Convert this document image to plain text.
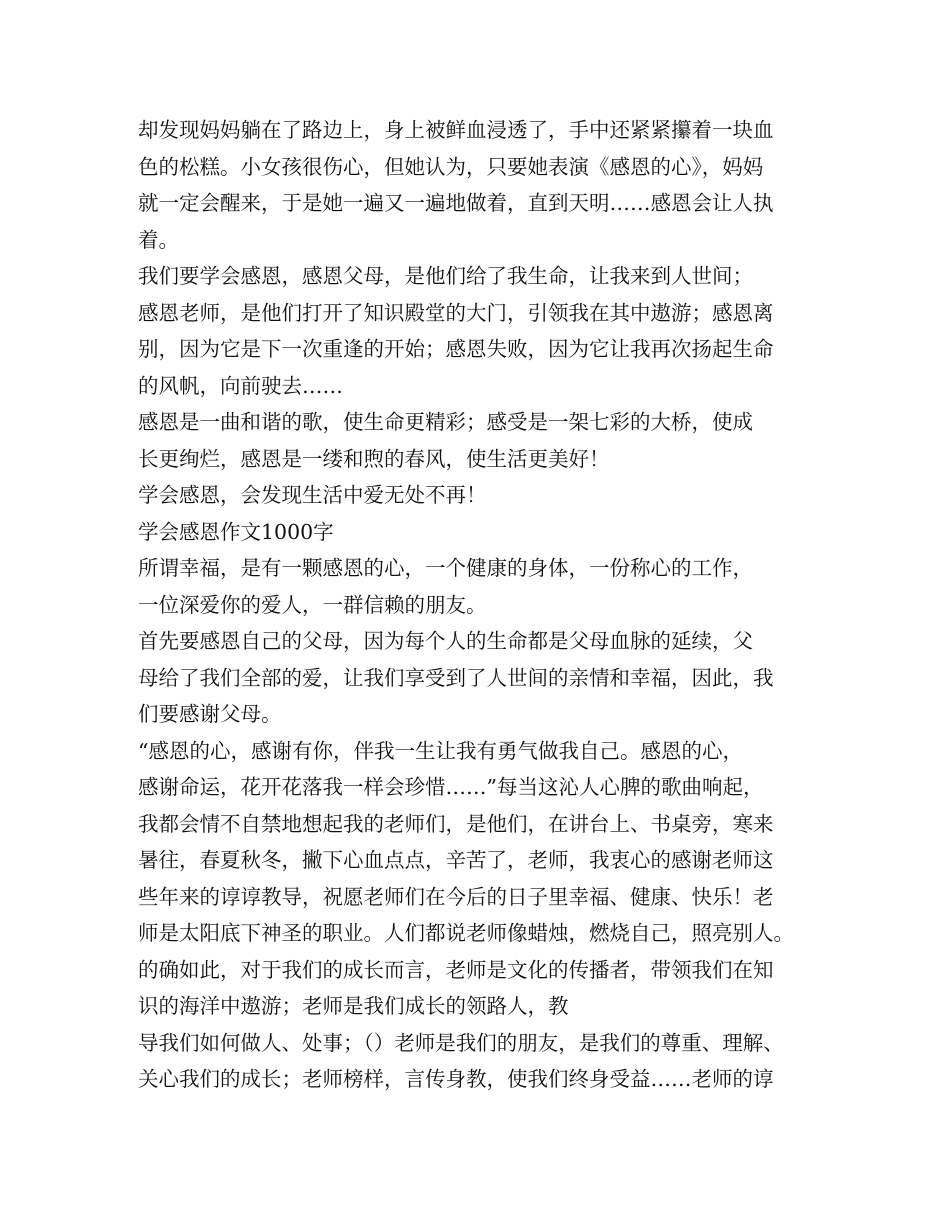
却发现妈妈躺在了路边上，身上被鲜血浸透了，手中还紧紧攥着一块血
色的松糕。小女孩很伤心，但她认为，只要她表演《感恩的心》，妈妈
就一定会醒来，于是她一遍又一遍地做着，直到天明……感恩会让人执
着。
我们要学会感恩，感恩父母，是他们给了我生命，让我来到人世间；
感恩老师，是他们打开了知识殿堂的大门，引领我在其中遨游；感恩离
别，因为它是下一次重逢的开始；感恩失败，因为它让我再次扬起生命
的风帆，向前驶去……
感恩是一曲和谐的歌，使生命更精彩；感受是一架七彩的大桥，使成
长更绚烂，感恩是一缕和煦的春风，使生活更美好！
学会感恩，会发现生活中爱无处不再！
学会感恩作文1000字
所谓幸福，是有一颗感恩的心，一个健康的身体，一份称心的工作，
一位深爱你的爱人，一群信赖的朋友。
首先要感恩自己的父母，因为每个人的生命都是父母血脉的延续，父
母给了我们全部的爱，让我们享受到了人世间的亲情和幸福，因此，我
们要感谢父母。
“感恩的心，感谢有你，伴我一生让我有勇气做我自己。感恩的心，
感谢命运，花开花落我一样会珍惜……”每当这沁人心脾的歌曲响起，
我都会情不自禁地想起我的老师们，是他们，在讲台上、书桌旁，寒来
暑往，春夏秋冬，撇下心血点点，辛苦了，老师，我衷心的感谢老师这
些年来的谆谆教导，祝愿老师们在今后的日子里幸福、健康、快乐！老
师是太阳底下神圣的职业。人们都说老师像蜡烛，燃烧自己，照亮别人。
的确如此，对于我们的成长而言，老师是文化的传播者，带领我们在知
识的海洋中遨游；老师是我们成长的领路人，教
导我们如何做人、处事；（）老师是我们的朋友，是我们的尊重、理解、
关心我们的成长；老师榜样，言传身教，使我们终身受益……老师的谆
